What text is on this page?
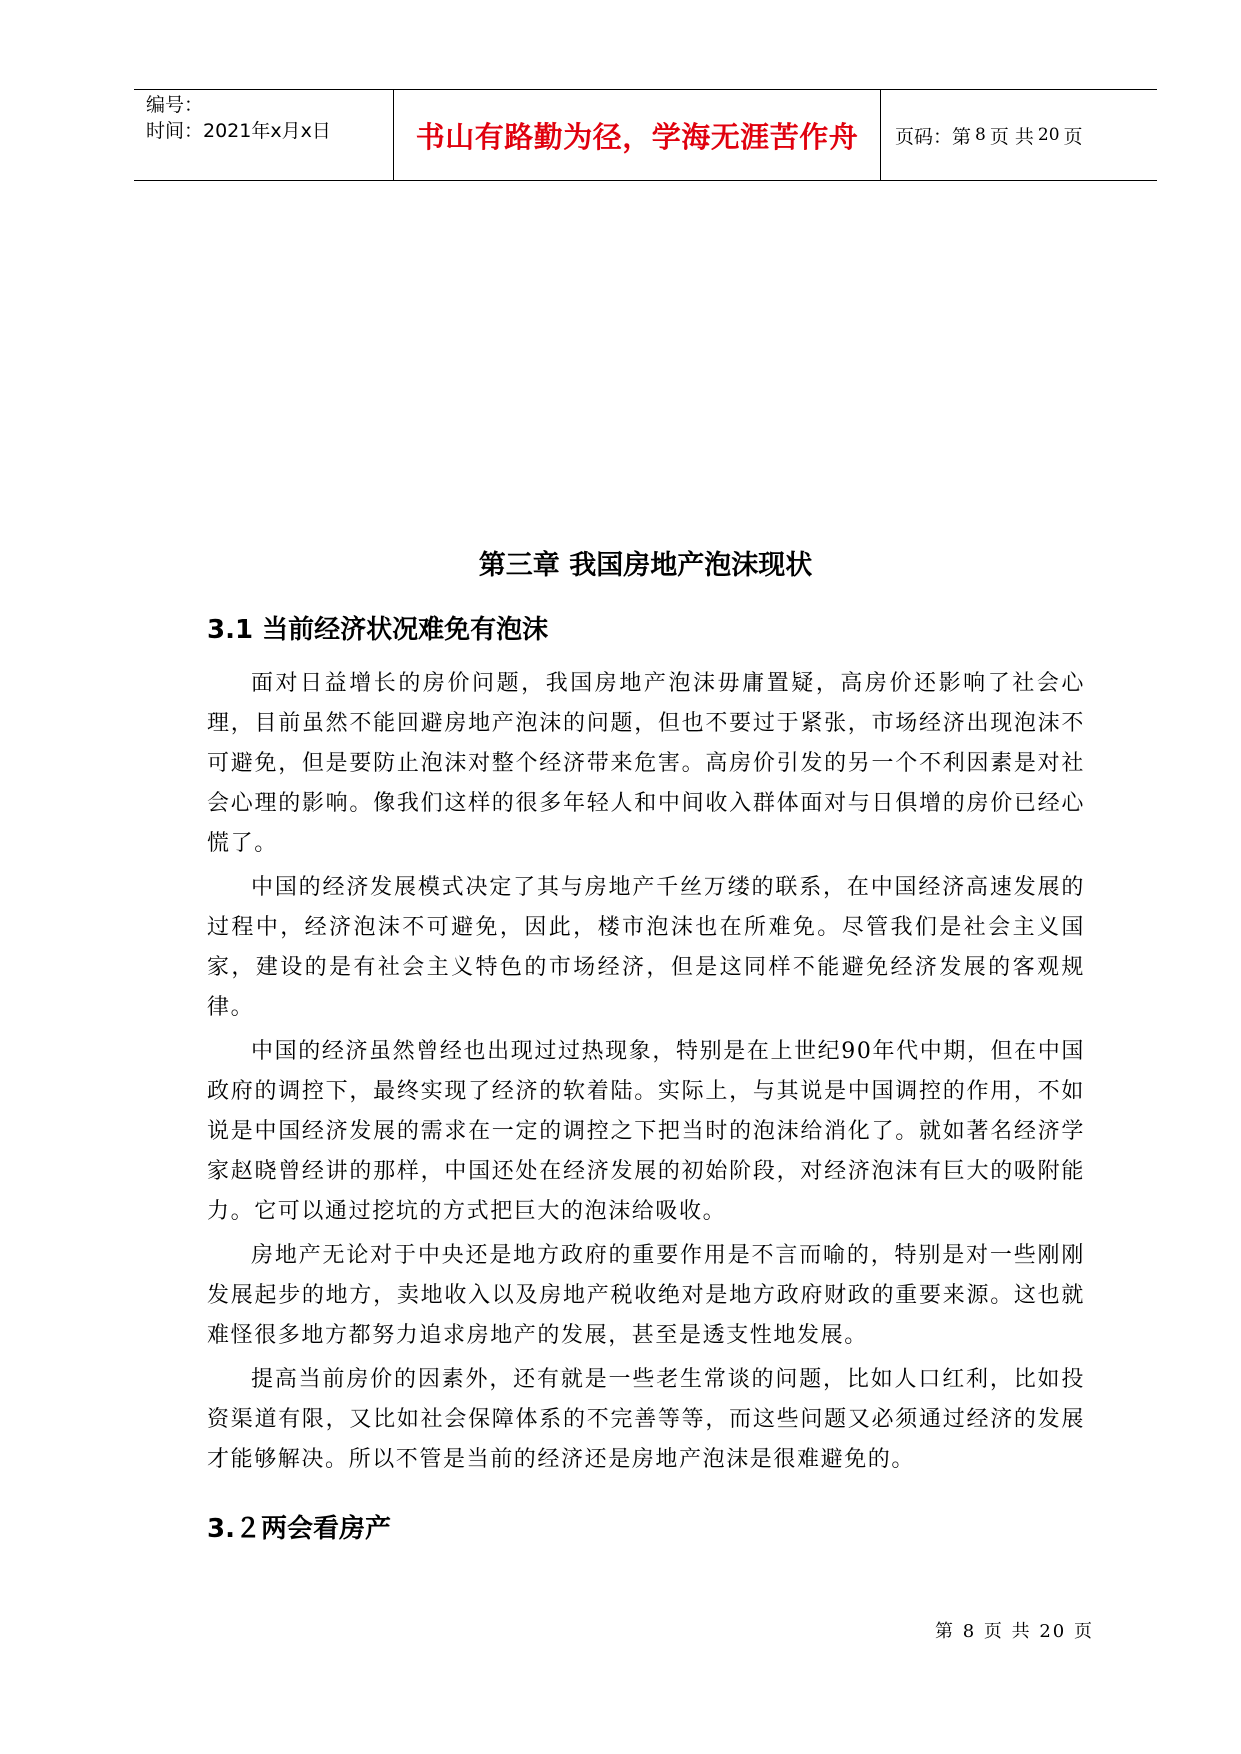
编号：
时间：2021年x月x日	书山有路勤为径，学海无涯苦作舟 页码：第 8 页 共 20 页
第三章 我国房地产泡沫现状
3.1 当前经济状况难免有泡沫

面对日益增长的房价问题，我国房地产泡沫毋庸置疑，高房价还影响了社会心理，目前虽然不能回避房地产泡沫的问题，但也不要过于紧张，市场经济出现泡沫不可避免，但是要防止泡沫对整个经济带来危害。高房价引发的另一个不利因素是对社会心理的影响。像我们这样的很多年轻人和中间收入群体面对与日俱增的房价已经心慌了。

中国的经济发展模式决定了其与房地产千丝万缕的联系，在中国经济高速发展的过程中，经济泡沫不可避免，因此，楼市泡沫也在所难免。尽管我们是社会主义国家，建设的是有社会主义特色的市场经济，但是这同样不能避免经济发展的客观规律。

中国的经济虽然曾经也出现过过热现象，特别是在上世纪90年代中期，但在中国政府的调控下，最终实现了经济的软着陆。实际上，与其说是中国调控的作用，不如说是中国经济发展的需求在一定的调控之下把当时的泡沫给消化了。就如著名经济学家赵晓曾经讲的那样，中国还处在经济发展的初始阶段，对经济泡沫有巨大的吸附能力。它可以通过挖坑的方式把巨大的泡沫给吸收。

房地产无论对于中央还是地方政府的重要作用是不言而喻的，特别是对一些刚刚发展起步的地方，卖地收入以及房地产税收绝对是地方政府财政的重要来源。这也就难怪很多地方都努力追求房地产的发展，甚至是透支性地发展。

提高当前房价的因素外，还有就是一些老生常谈的问题，比如人口红利，比如投资渠道有限，又比如社会保障体系的不完善等等，而这些问题又必须通过经济的发展才能够解决。所以不管是当前的经济还是房地产泡沫是很难避免的。

3.２两会看房产
第 8 页 共 20 页
